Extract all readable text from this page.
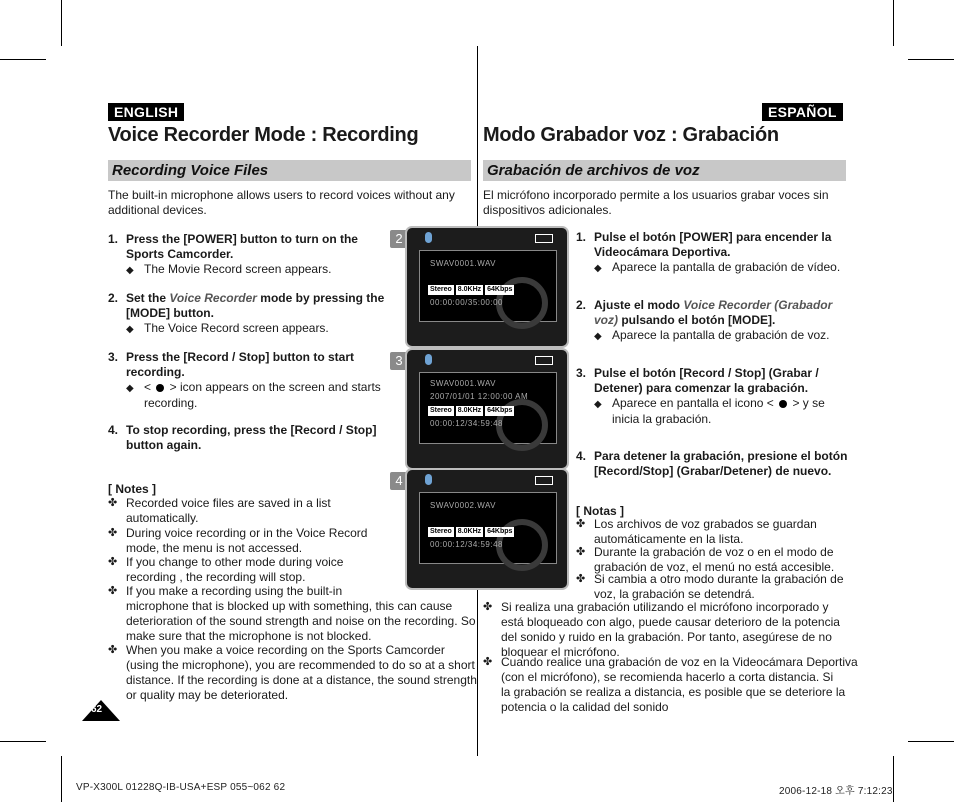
ENGLISH	ESPAÑOL
Voice Recorder Mode : Recording	Modo Grabador voz : Grabación
Recording Voice Files	Grabación de archivos de voz
The built-in microphone allows users to record voices without any
additional devices.
El micrófono incorporado permite a los usuarios grabar voces sin
dispositivos adicionales.
1. Press the [POWER] button to turn on the
Sports Camcorder.
◆ The Movie Record screen appears.
2. Set the Voice Recorder mode by pressing the
[MODE] button.
◆ The Voice Record screen appears.
3. Press the [Record / Stop] button to start
recording.
◆ <  > icon appears on the screen and starts
recording.
4. To stop recording, press the [Record / Stop]
button again.
[ Notes ]
✤ Recorded voice files are saved in a list
automatically.
✤ During voice recording or in the Voice Record
mode, the menu is not accessed.
✤ If you change to other mode during voice
recording , the recording will stop.
✤ If you make a recording using the built-in
microphone that is blocked up with something, this can cause
deterioration of the sound strength and noise on the recording. So
make sure that the microphone is not blocked.
✤ When you make a voice recording on the Sports Camcorder
(using the microphone), you are recommended to do so at a short
distance. If the recording is done at a distance, the sound strength
or quality may be deteriorated.
62
2
SWAV0001.WAV
Stereo 8.0KHz 64Kbps
00:00:00/35:00:00
3
SWAV0001.WAV
2007/01/01 12:00:00 AM
Stereo 8.0KHz 64Kbps
00:00:12/34:59:48
4
SWAV0002.WAV
Stereo 8.0KHz 64Kbps
00:00:12/34:59:48
1. Pulse el botón [POWER] para encender la
Videocámara Deportiva.
◆ Aparece la pantalla de grabación de vídeo.
2. Ajuste el modo Voice Recorder (Grabador
voz) pulsando el botón [MODE].
◆ Aparece la pantalla de grabación de voz.
3. Pulse el botón [Record / Stop] (Grabar /
Detener) para comenzar la grabación.
◆ Aparece en pantalla el icono <  > y se
inicia la grabación.
4. Para detener la grabación, presione el botón
[Record/Stop] (Grabar/Detener) de nuevo.
[ Notas ]
✤ Los archivos de voz grabados se guardan
automáticamente en la lista.
✤ Durante la grabación de voz o en el modo de
grabación de voz, el menú no está accesible.
✤ Si cambia a otro modo durante la grabación de
voz, la grabación se detendrá.
✤ Si realiza una grabación utilizando el micrófono incorporado y
está bloqueado con algo, puede causar deterioro de la potencia
del sonido y ruido en la grabación. Por tanto, asegúrese de no
bloquear el micrófono.
✤ Cuando realice una grabación de voz en la Videocámara Deportiva
(con el micrófono), se recomienda hacerlo a corta distancia. Si
la grabación se realiza a distancia, es posible que se deteriore la
potencia o la calidad del sonido
VP-X300L 01228Q-IB-USA+ESP 055~062 62	2006-12-18 오후 7:12:23
